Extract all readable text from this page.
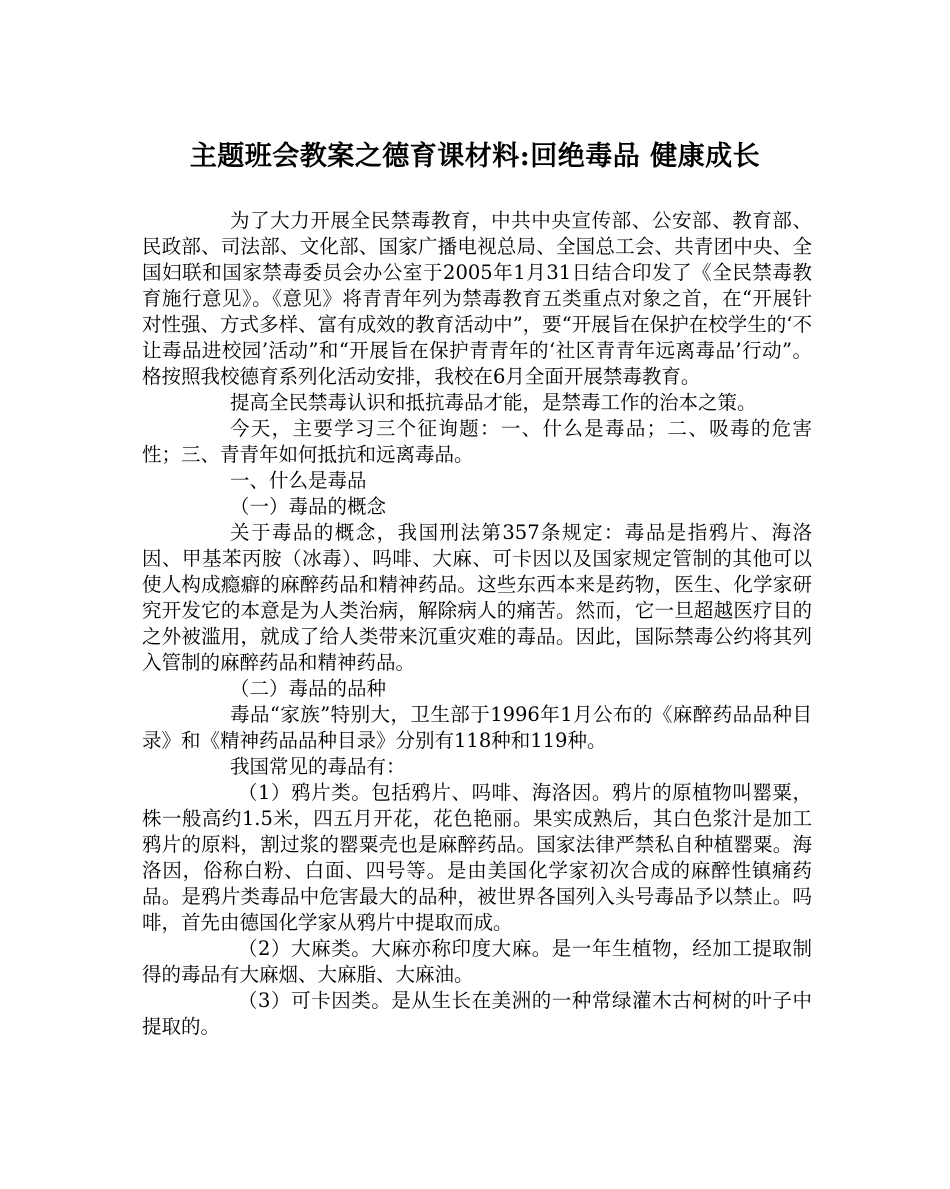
主题班会教案之德育课材料:回绝毒品 健康成长

为了大力开展全民禁毒教育，中共中央宣传部、公安部、教育部、民政部、司法部、文化部、国家广播电视总局、全国总工会、共青团中央、全国妇联和国家禁毒委员会办公室于2005年1月31日结合印发了《全民禁毒教育施行意见》。《意见》将青青年列为禁毒教育五类重点对象之首，在“开展针对性强、方式多样、富有成效的教育活动中”，要“开展旨在保护在校学生的‘不让毒品进校园’活动”和“开展旨在保护青青年的‘社区青青年远离毒品’行动”。格按照我校德育系列化活动安排，我校在6月全面开展禁毒教育。

提高全民禁毒认识和抵抗毒品才能，是禁毒工作的治本之策。

今天，主要学习三个征询题：一、什么是毒品；二、吸毒的危害性；三、青青年如何抵抗和远离毒品。

一、什么是毒品

（一）毒品的概念

关于毒品的概念，我国刑法第357条规定：毒品是指鸦片、海洛因、甲基苯丙胺（冰毒）、吗啡、大麻、可卡因以及国家规定管制的其他可以使人构成瘾癖的麻醉药品和精神药品。这些东西本来是药物，医生、化学家研究开发它的本意是为人类治病，解除病人的痛苦。然而，它一旦超越医疗目的之外被滥用，就成了给人类带来沉重灾难的毒品。因此，国际禁毒公约将其列入管制的麻醉药品和精神药品。

（二）毒品的品种

毒品“家族”特别大，卫生部于1996年1月公布的《麻醉药品品种目录》和《精神药品品种目录》分别有118种和119种。

我国常见的毒品有：

（1）鸦片类。包括鸦片、吗啡、海洛因。鸦片的原植物叫罂粟，株一般高约1.5米，四五月开花，花色艳丽。果实成熟后，其白色浆汁是加工鸦片的原料，割过浆的罂粟壳也是麻醉药品。国家法律严禁私自种植罂粟。海洛因，俗称白粉、白面、四号等。是由美国化学家初次合成的麻醉性镇痛药品。是鸦片类毒品中危害最大的品种，被世界各国列入头号毒品予以禁止。吗啡，首先由德国化学家从鸦片中提取而成。

（2）大麻类。大麻亦称印度大麻。是一年生植物，经加工提取制得的毒品有大麻烟、大麻脂、大麻油。

（3）可卡因类。是从生长在美洲的一种常绿灌木古柯树的叶子中提取的。
